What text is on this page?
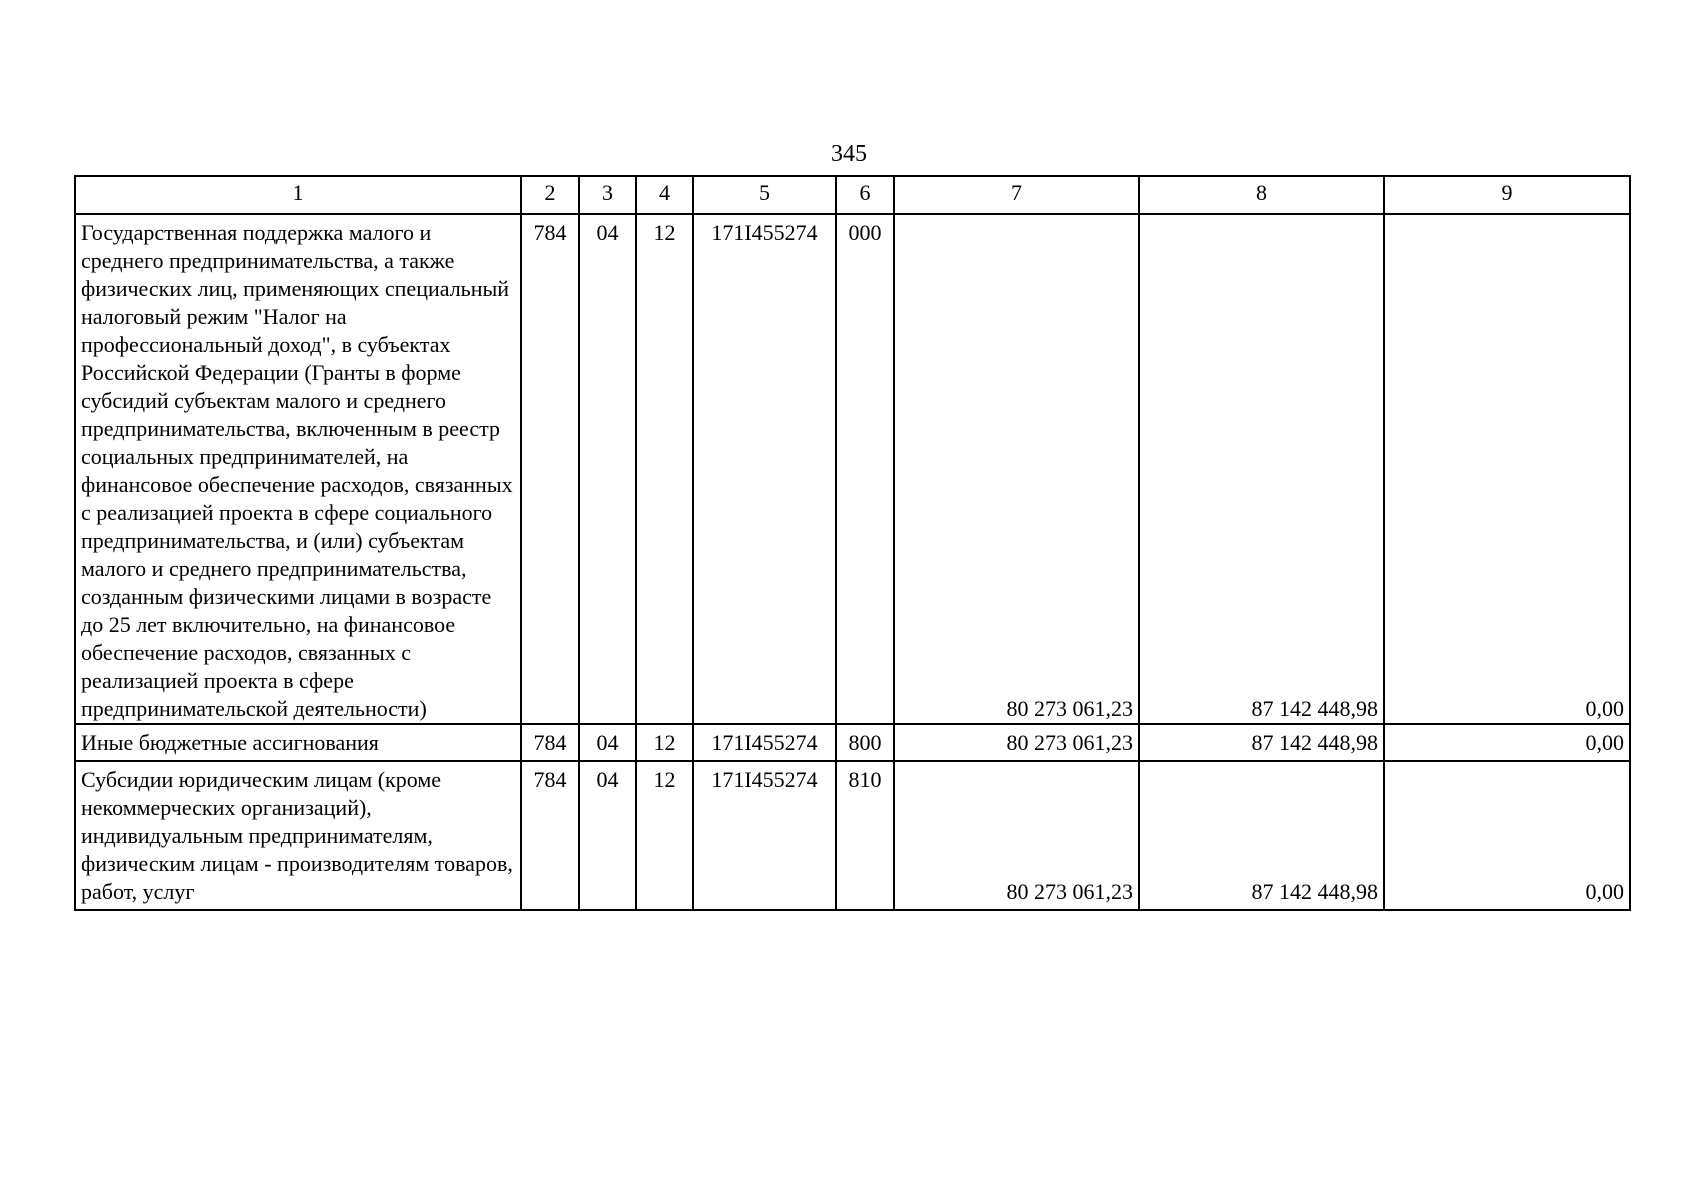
345
1	2	3	4	5	6	7	8	9
Государственная поддержка малого и среднего предпринимательства, а также физических лиц, применяющих специальный налоговый режим "Налог на профессиональный доход", в субъектах Российской Федерации (Гранты в форме субсидий субъектам малого и среднего предпринимательства, включенным в реестр социальных предпринимателей, на финансовое обеспечение расходов, связанных с реализацией проекта в сфере социального предпринимательства, и (или) субъектам малого и среднего предпринимательства, созданным физическими лицами в возрасте до 25 лет включительно, на финансовое обеспечение расходов, связанных с реализацией проекта в сфере предпринимательской деятельности)	784	04	12	171I455274	000	80 273 061,23	87 142 448,98	0,00
Иные бюджетные ассигнования	784	04	12	171I455274	800	80 273 061,23	87 142 448,98	0,00
Субсидии юридическим лицам (кроме некоммерческих организаций), индивидуальным предпринимателям, физическим лицам - производителям товаров, работ, услуг	784	04	12	171I455274	810	80 273 061,23	87 142 448,98	0,00
